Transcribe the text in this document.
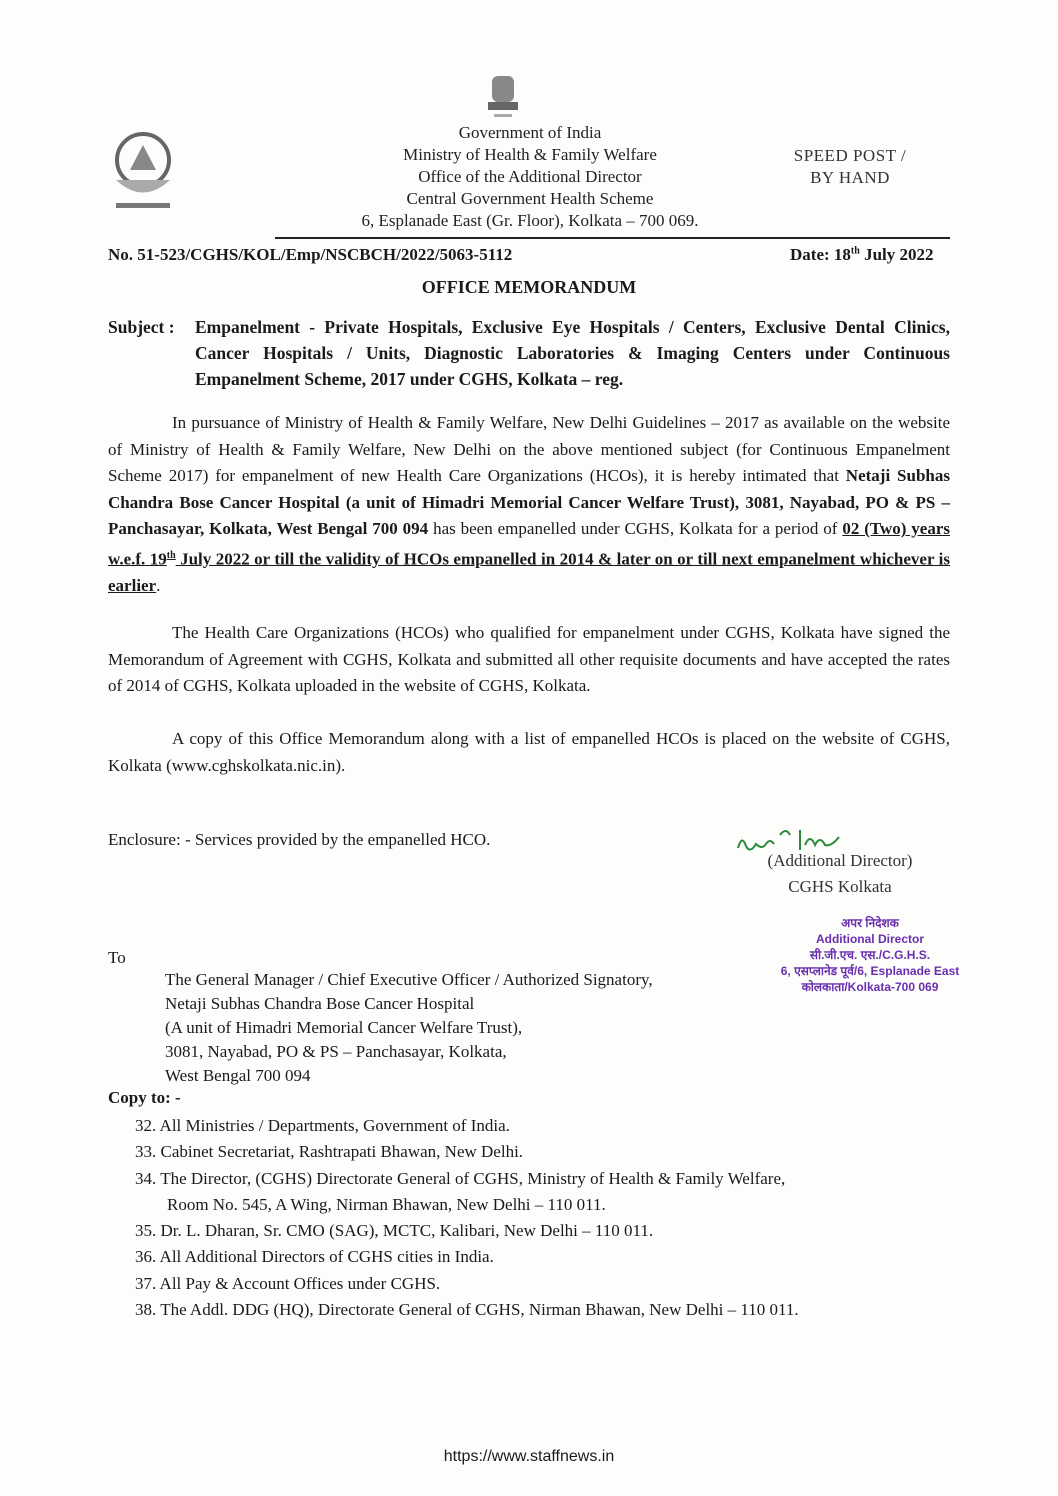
Government of India
Ministry of Health & Family Welfare
Office of the Additional Director
Central Government Health Scheme
6, Esplanade East (Gr. Floor), Kolkata – 700 069.
SPEED POST /
BY HAND
No. 51-523/CGHS/KOL/Emp/NSCBCH/2022/5063-5112	Date: 18th July 2022
OFFICE MEMORANDUM
Subject : Empanelment - Private Hospitals, Exclusive Eye Hospitals / Centers, Exclusive Dental Clinics, Cancer Hospitals / Units, Diagnostic Laboratories & Imaging Centers under Continuous Empanelment Scheme, 2017 under CGHS, Kolkata – reg.
In pursuance of Ministry of Health & Family Welfare, New Delhi Guidelines – 2017 as available on the website of Ministry of Health & Family Welfare, New Delhi on the above mentioned subject (for Continuous Empanelment Scheme 2017) for empanelment of new Health Care Organizations (HCOs), it is hereby intimated that Netaji Subhas Chandra Bose Cancer Hospital (a unit of Himadri Memorial Cancer Welfare Trust), 3081, Nayabad, PO & PS – Panchasayar, Kolkata, West Bengal 700 094 has been empanelled under CGHS, Kolkata for a period of 02 (Two) years w.e.f. 19th July 2022 or till the validity of HCOs empanelled in 2014 & later on or till next empanelment whichever is earlier.
The Health Care Organizations (HCOs) who qualified for empanelment under CGHS, Kolkata have signed the Memorandum of Agreement with CGHS, Kolkata and submitted all other requisite documents and have accepted the rates of 2014 of CGHS, Kolkata uploaded in the website of CGHS, Kolkata.
A copy of this Office Memorandum along with a list of empanelled HCOs is placed on the website of CGHS, Kolkata (www.cghskolkata.nic.in).
Enclosure: - Services provided by the empanelled HCO.
(Additional Director)
CGHS Kolkata
अपर निदेशक
Additional Director
सी.जी.एच. एस./C.G.H.S.
6, एसप्लानेड पूर्व/6, Esplanade East
कोलकाता/Kolkata-700 069
To
The General Manager / Chief Executive Officer / Authorized Signatory,
Netaji Subhas Chandra Bose Cancer Hospital
(A unit of Himadri Memorial Cancer Welfare Trust),
3081, Nayabad, PO & PS – Panchasayar, Kolkata,
West Bengal 700 094
Copy to: -
32. All Ministries / Departments, Government of India.
33. Cabinet Secretariat, Rashtrapati Bhawan, New Delhi.
34. The Director, (CGHS) Directorate General of CGHS, Ministry of Health & Family Welfare,
Room No. 545, A Wing, Nirman Bhawan, New Delhi – 110 011.
35. Dr. L. Dharan, Sr. CMO (SAG), MCTC, Kalibari, New Delhi – 110 011.
36. All Additional Directors of CGHS cities in India.
37. All Pay & Account Offices under CGHS.
38. The Addl. DDG (HQ), Directorate General of CGHS, Nirman Bhawan, New Delhi – 110 011.
https://www.staffnews.in
